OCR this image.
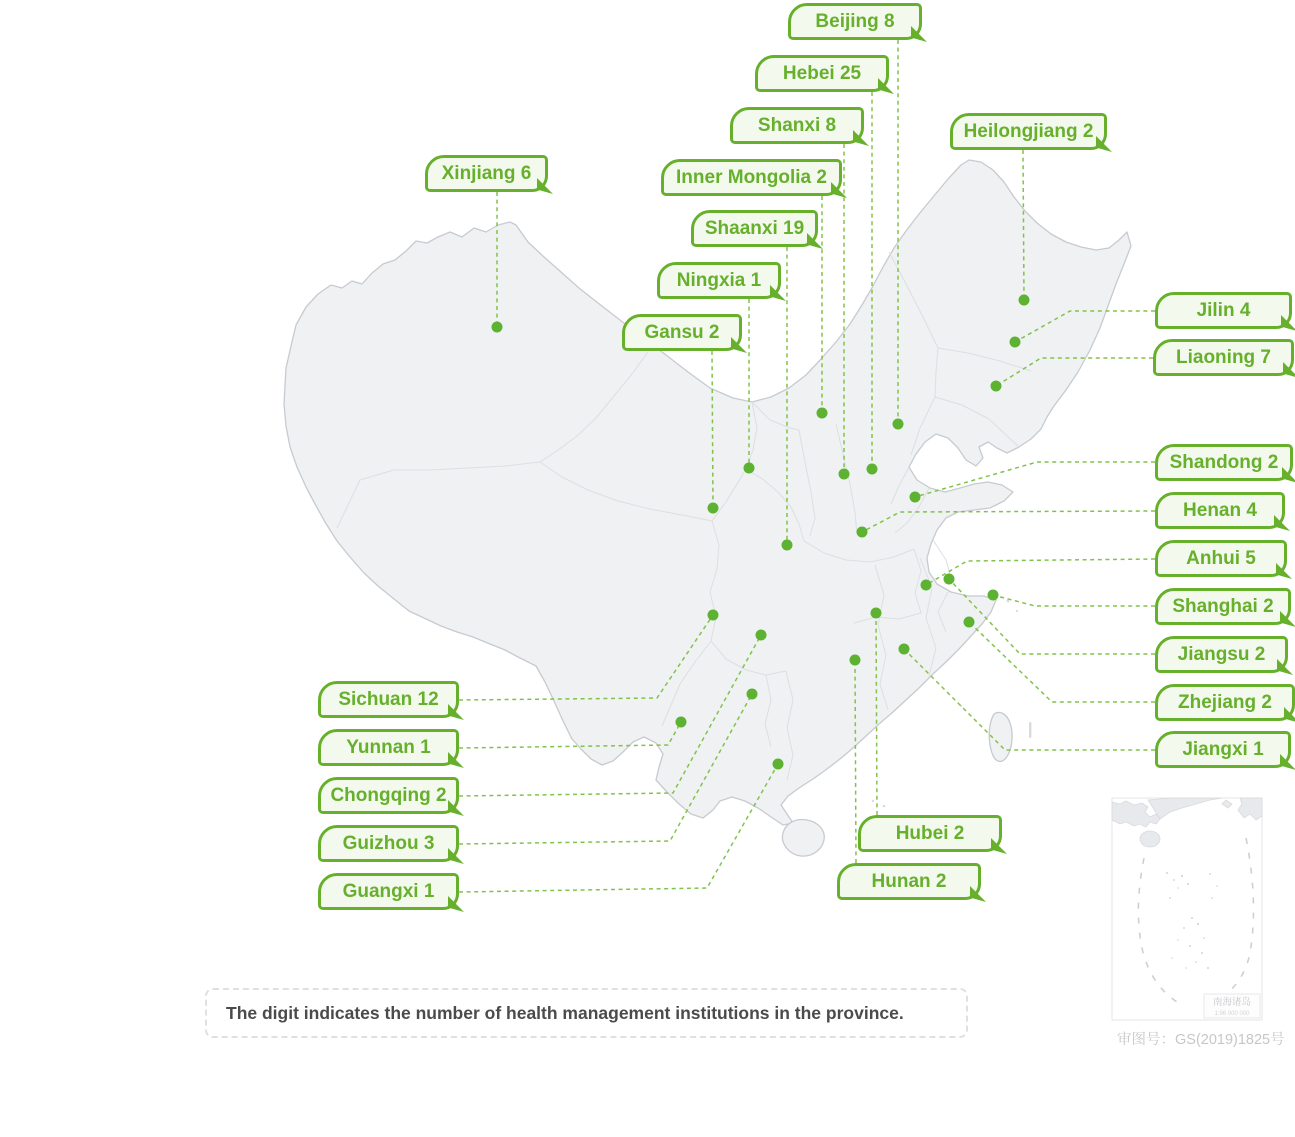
南海诸岛
1:96 000 000
Beijing 8
Hebei 25
Shanxi 8
Inner Mongolia 2
Shaanxi 19
Ningxia 1
Gansu 2
Xinjiang 6
Heilongjiang 2
Jilin 4
Liaoning 7
Shandong 2
Henan 4
Anhui 5
Shanghai 2
Jiangsu 2
Zhejiang 2
Jiangxi 1
Sichuan 12
Yunnan 1
Chongqing 2
Guizhou 3
Guangxi 1
Hubei 2
Hunan 2
The digit indicates the number of health management institutions in the province.
审图号：GS(2019)1825号
